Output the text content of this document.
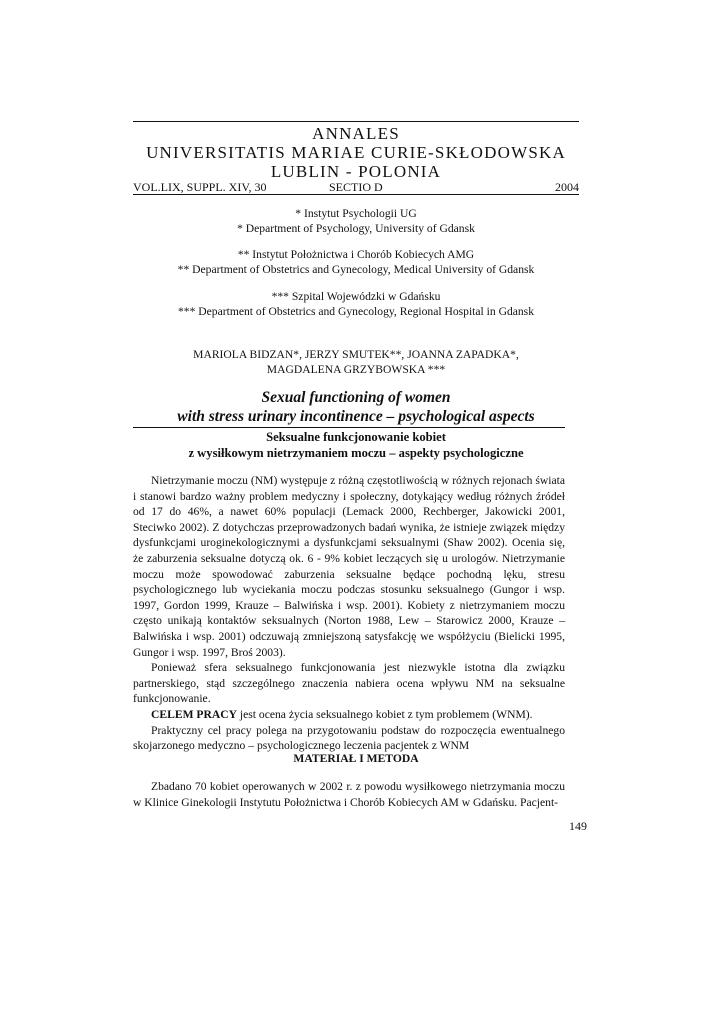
ANNALES
UNIVERSITATIS MARIAE CURIE-SKŁODOWSKA
LUBLIN - POLONIA
VOL.LIX, SUPPL. XIV, 30	SECTIO D	2004
* Instytut Psychologii UG
* Department of Psychology, University of Gdansk
** Instytut Położnictwa i Chorób Kobiecych AMG
** Department of Obstetrics and Gynecology, Medical University of Gdansk
*** Szpital Wojewódzki w Gdańsku
*** Department of Obstetrics and Gynecology, Regional Hospital in Gdansk
MARIOLA BIDZAN*, JERZY SMUTEK**, JOANNA ZAPADKA*,
MAGDALENA GRZYBOWSKA ***
Sexual functioning of women
with stress urinary incontinence – psychological aspects
Seksualne funkcjonowanie kobiet
z wysiłkowym nietrzymaniem moczu – aspekty psychologiczne

Nietrzymanie moczu (NM) występuje z różną częstotliwością w różnych rejonach świata i stanowi bardzo ważny problem medyczny i społeczny, dotykający według różnych źródeł od 17 do 46%, a nawet 60% populacji (Lemack 2000, Rechberger, Jakowicki 2001, Steciwko 2002). Z dotychczas przeprowadzonych badań wynika, że istnieje związek między dysfunkcjami uroginekologicznymi a dysfunkcjami seksualnymi (Shaw 2002). Ocenia się, że zaburzenia seksualne dotyczą ok. 6 - 9% kobiet leczących się u urologów. Nietrzymanie moczu może spowodować zaburzenia seksualne będące pochodną lęku, stresu psychologicznego lub wyciekania moczu podczas stosunku seksualnego (Gungor i wsp. 1997, Gordon 1999, Krauze – Balwińska i wsp. 2001). Kobiety z nietrzymaniem moczu często unikają kontaktów seksualnych (Norton 1988, Lew – Starowicz 2000, Krauze – Balwińska i wsp. 2001) odczuwają zmniejszoną satysfakcję we współżyciu (Bielicki 1995, Gungor i wsp. 1997, Broś 2003).

Ponieważ sfera seksualnego funkcjonowania jest niezwykle istotna dla związku partnerskiego, stąd szczególnego znaczenia nabiera ocena wpływu NM na seksualne funkcjonowanie.

CELEM PRACY jest ocena życia seksualnego kobiet z tym problemem (WNM).

Praktyczny cel pracy polega na przygotowaniu podstaw do rozpoczęcia ewentualnego skojarzonego medyczno – psychologicznego leczenia pacjentek z WNM

MATERIAŁ I METODA

Zbadano 70 kobiet operowanych w 2002 r. z powodu wysiłkowego nietrzymania moczu w Klinice Ginekologii Instytutu Położnictwa i Chorób Kobiecych AM w Gdańsku. Pacjent-

149
